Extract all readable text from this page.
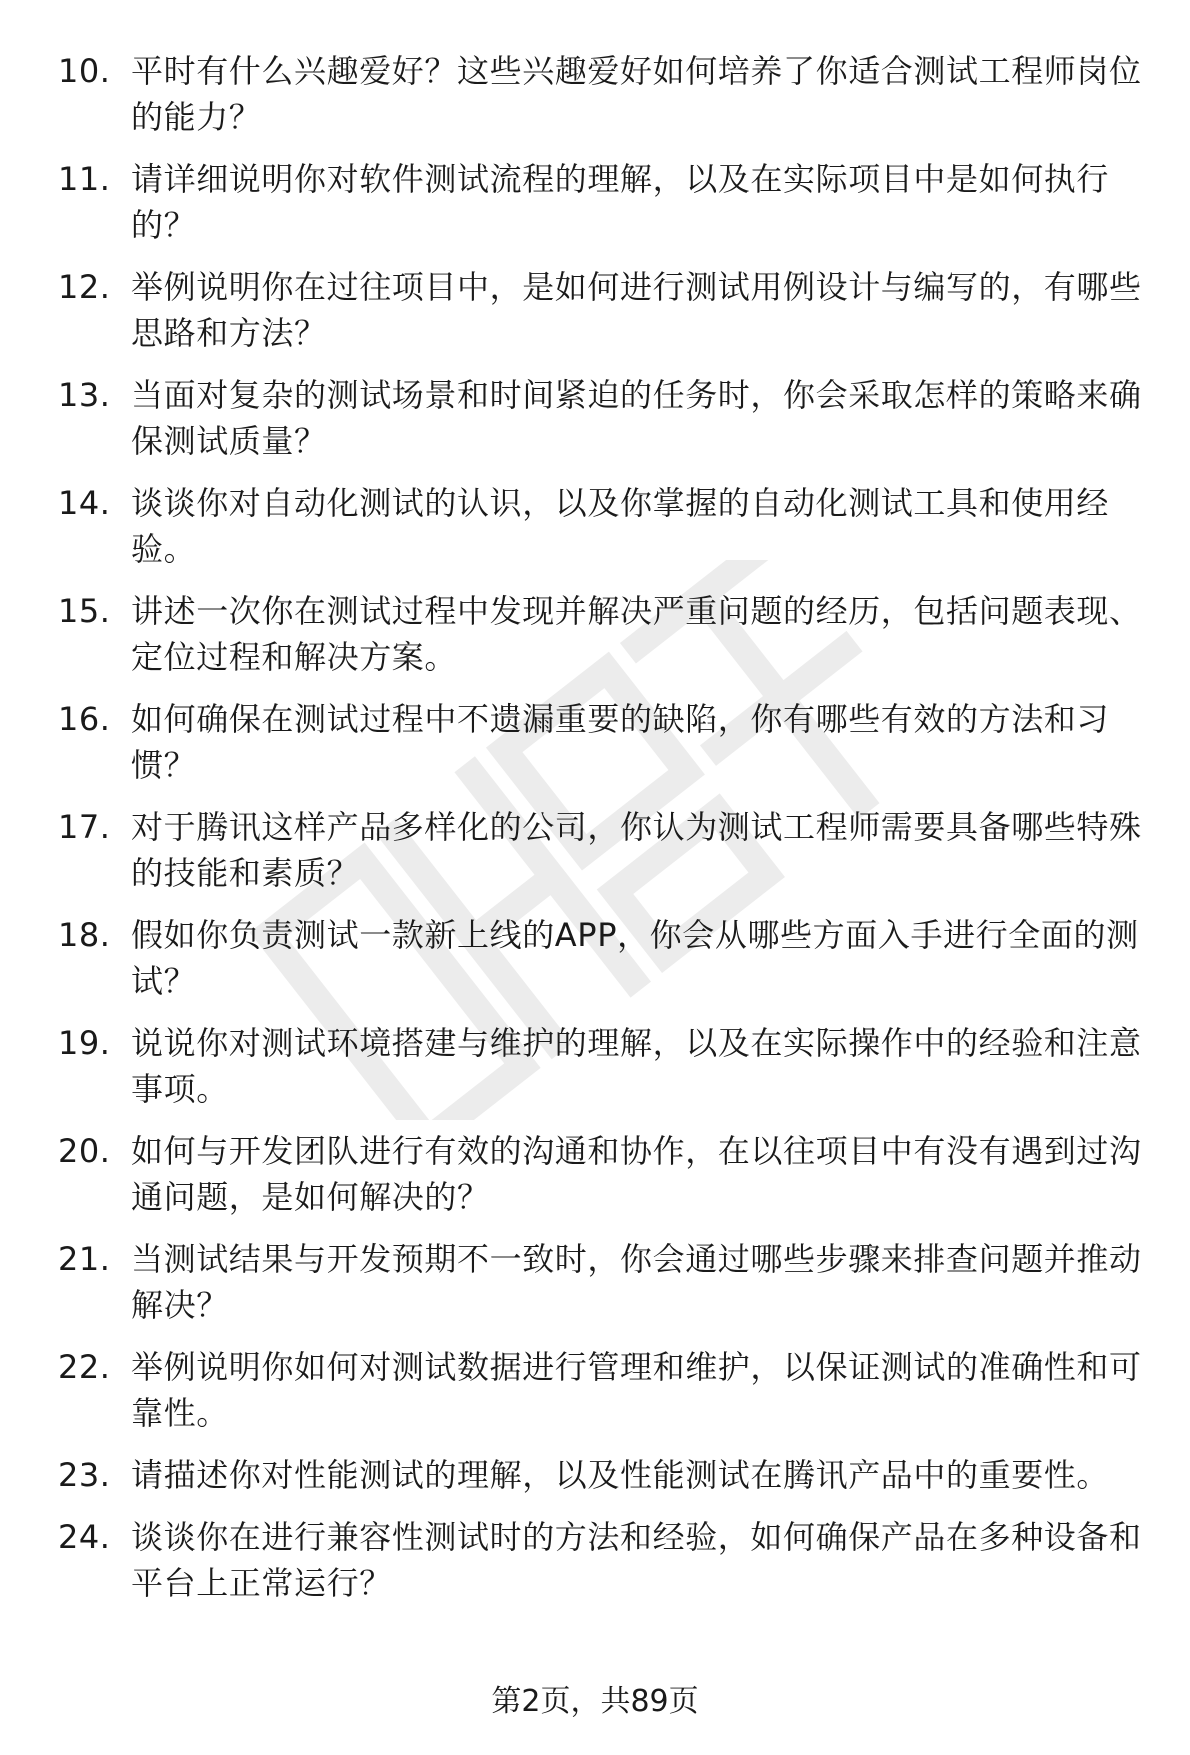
10. 平时有什么兴趣爱好？这些兴趣爱好如何培养了你适合测试工程师岗位的能力？
11. 请详细说明你对软件测试流程的理解，以及在实际项目中是如何执行的？
12. 举例说明你在过往项目中，是如何进行测试用例设计与编写的，有哪些思路和方法？
13. 当面对复杂的测试场景和时间紧迫的任务时，你会采取怎样的策略来确保测试质量？
14. 谈谈你对自动化测试的认识，以及你掌握的自动化测试工具和使用经验。
15. 讲述一次你在测试过程中发现并解决严重问题的经历，包括问题表现、定位过程和解决方案。
16. 如何确保在测试过程中不遗漏重要的缺陷，你有哪些有效的方法和习惯？
17. 对于腾讯这样产品多样化的公司，你认为测试工程师需要具备哪些特殊的技能和素质？
18. 假如你负责测试一款新上线的APP，你会从哪些方面入手进行全面的测试？
19. 说说你对测试环境搭建与维护的理解，以及在实际操作中的经验和注意事项。
20. 如何与开发团队进行有效的沟通和协作，在以往项目中有没有遇到过沟通问题，是如何解决的？
21. 当测试结果与开发预期不一致时，你会通过哪些步骤来排查问题并推动解决？
22. 举例说明你如何对测试数据进行管理和维护，以保证测试的准确性和可靠性。
23. 请描述你对性能测试的理解，以及性能测试在腾讯产品中的重要性。
24. 谈谈你在进行兼容性测试时的方法和经验，如何确保产品在多种设备和平台上正常运行？
第2页，共89页
